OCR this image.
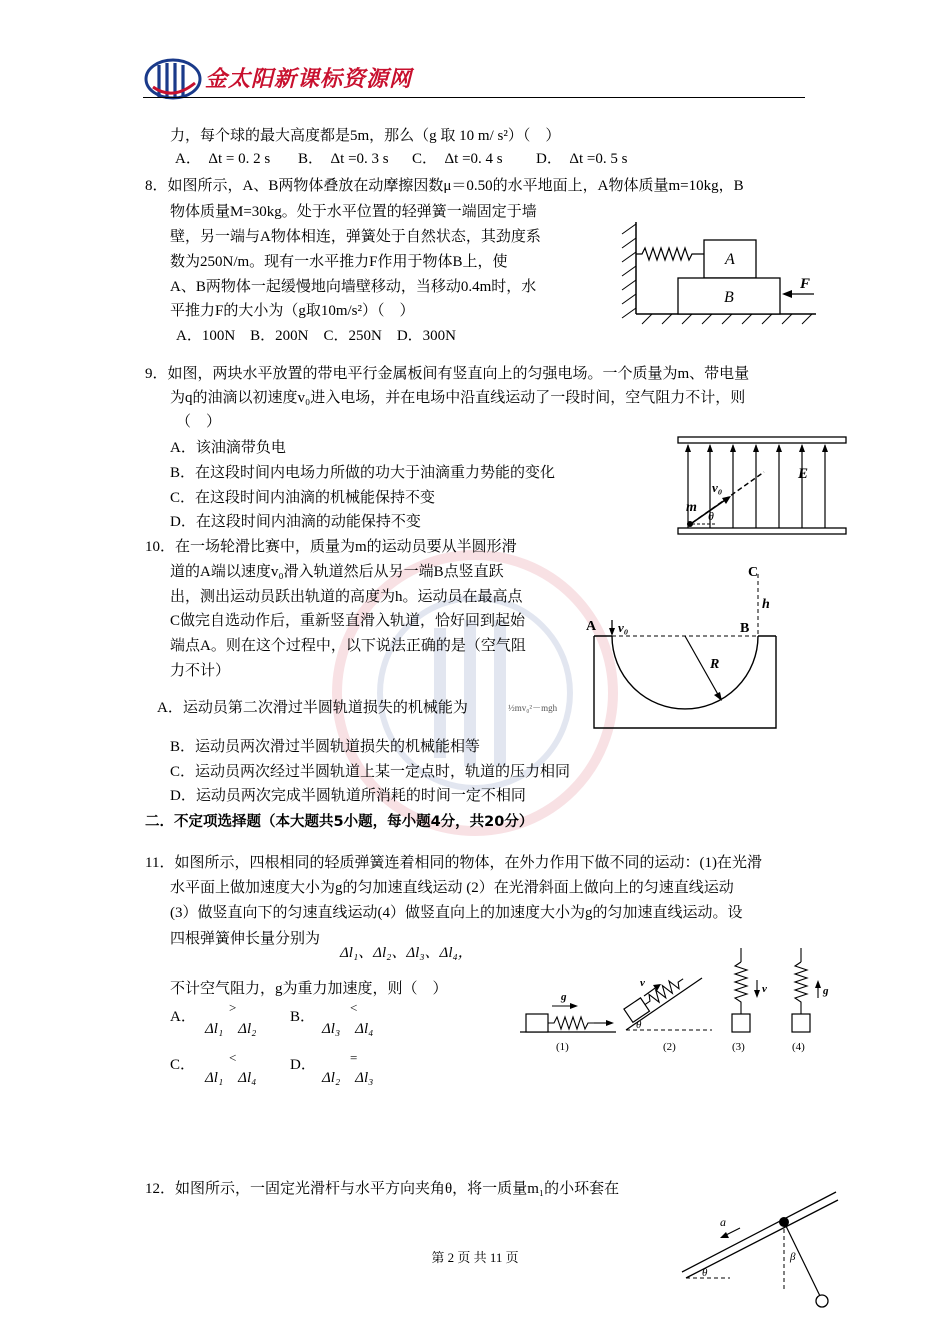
金太阳新课标资源网
力，每个球的最大高度都是5m，那么（g 取 10 m/ s²）（　）
A．　Δt = 0. 2 s B．　Δt =0. 3 s C．　Δt =0. 4 s D．　Δt =0. 5 s
8．如图所示，A、B两物体叠放在动摩擦因数μ＝0.50的水平地面上，A物体质量m=10kg，B
物体质量M=30kg。处于水平位置的轻弹簧一端固定于墙
壁，另一端与A物体相连，弹簧处于自然状态，其劲度系
数为250N/m。现有一水平推力F作用于物体B上，使
A、B两物体一起缓慢地向墙壁移动，当移动0.4m时，水
平推力F的大小为（g取10m/s²）（　）
A．100N　B．200N　C．250N　D．300N
A
B
F
9．如图，两块水平放置的带电平行金属板间有竖直向上的匀强电场。一个质量为m、带电量
为q的油滴以初速度v₀进入电场，并在电场中沿直线运动了一段时间，空气阻力不计，则
（　）
A．该油滴带负电
B．在这段时间内电场力所做的功大于油滴重力势能的变化
C．在这段时间内油滴的机械能保持不变
D．在这段时间内油滴的动能保持不变
m
v₀
θ
E
10．在一场轮滑比赛中，质量为m的运动员要从半圆形滑
道的A端以速度v₀滑入轨道然后从另一端B点竖直跃
出，测出运动员跃出轨道的高度为h。运动员在最高点
C做完自选动作后，重新竖直滑入轨道，恰好回到起始
端点A。则在这个过程中，以下说法正确的是（空气阻
力不计）
A．运动员第二次滑过半圆轨道损失的机械能为	½mv₀²－mgh
B．运动员两次滑过半圆轨道损失的机械能相等
C．运动员两次经过半圆轨道上某一定点时，轨道的压力相同
D．运动员两次完成半圆轨道所消耗的时间一定不相同
A v₀	B
C
h
R
二．不定项选择题（本大题共5小题，每小题4分，共20分）
11．如图所示，四根相同的轻质弹簧连着相同的物体，在外力作用下做不同的运动：(1)在光滑
水平面上做加速度大小为g的匀加速直线运动 (2）在光滑斜面上做向上的匀速直线运动
(3）做竖直向下的匀速直线运动(4）做竖直向上的加速度大小为g的匀加速直线运动。设
四根弹簧伸长量分别为
Δl₁、Δl₂、Δl₃、Δl₄，
不计空气阻力，g为重力加速度，则（　）
A．
>
Δl₁　Δl₂
B．
<
Δl₃　Δl₄
C．	<
Δl₁　Δl₄
D．	=
Δl₂　Δl₃
g
(1)
θ
v
(2)
v
(3)
g
(4)
12．如图所示，一固定光滑杆与水平方向夹角θ，将一质量m₁的小环套在
θ
β
a
第 2 页 共 11 页
